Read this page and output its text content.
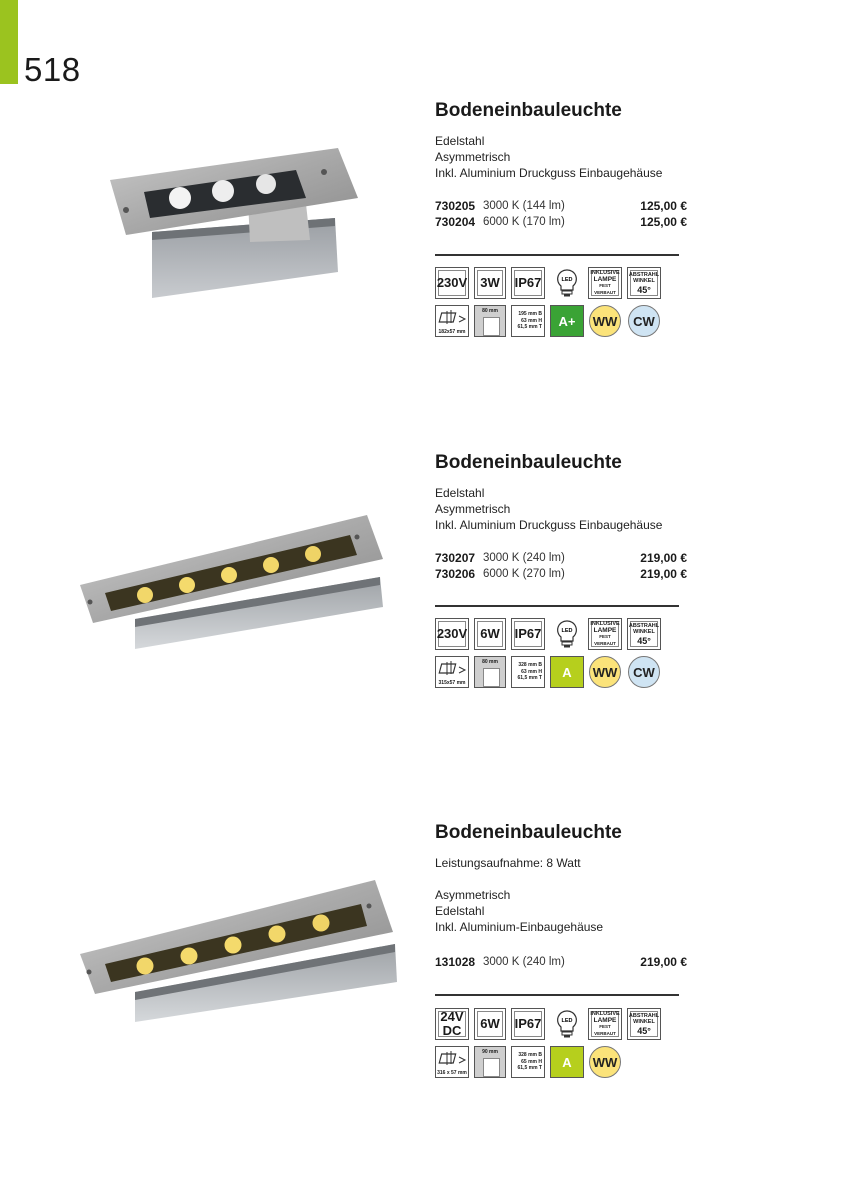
518
Bodeneinbauleuchte
Edelstahl
Asymmetrisch
Inkl. Aluminium Druckguss Einbaugehäuse
730205 3000 K (144 lm)	125,00 €
730204 6000 K (170 lm)	125,00 €
230V 3W IP67	LED
INKLUSIVE
LAMPE
FEST VERBAUT
ABSTRAHL
WINKEL
45°
182x57 mm
80 mm
195 mm B
63 mm H
61,5 mm T A+ WW CW
Bodeneinbauleuchte
Edelstahl
Asymmetrisch
Inkl. Aluminium Druckguss Einbaugehäuse
730207 3000 K (240 lm)	219,00 €
730206 6000 K (270 lm)	219,00 €
230V 6W IP67	LED
INKLUSIVE
LAMPE
FEST VERBAUT
ABSTRAHL
WINKEL
45°
315x57 mm
80 mm
328 mm B
63 mm H
61,5 mm T A WW CW
Bodeneinbauleuchte
Leistungsaufnahme: 8 Watt
Asymmetrisch
Edelstahl
Inkl. Aluminium-Einbaugehäuse
131028 3000 K (240 lm)	219,00 €
24V
DC 6W IP67	LED
INKLUSIVE
LAMPE
FEST VERBAUT
ABSTRAHL
WINKEL
45°
316 x 57 mm
90 mm
328 mm B
65 mm H
61,5 mm T A WW
